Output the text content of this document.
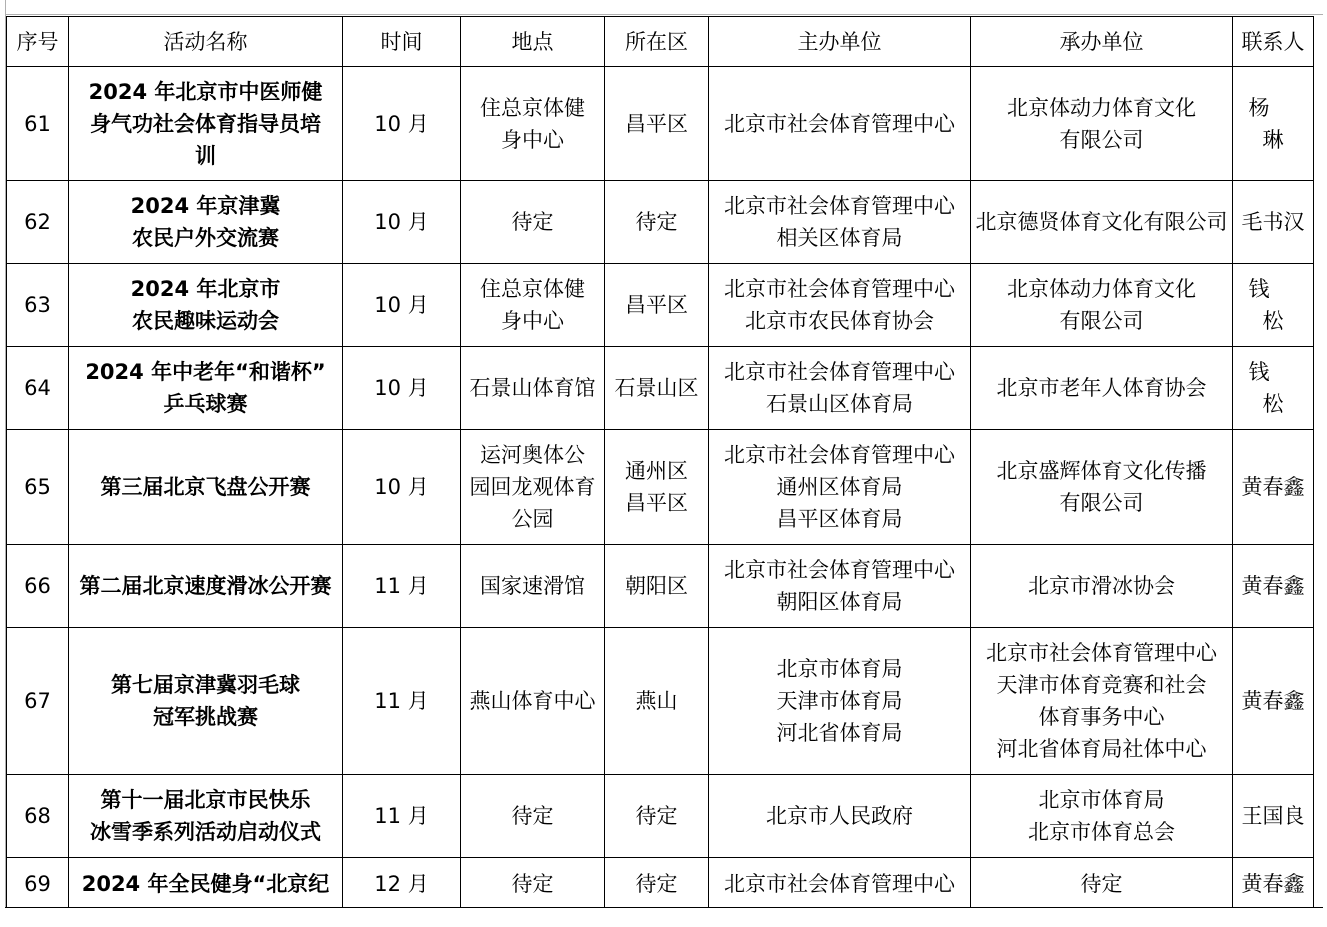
序号	活动名称	时间	地点	所在区	主办单位	承办单位	联系人
61	2024 年北京市中医师健
身气功社会体育指导员培
训	10 月	住总京体健
身中心	昌平区	北京市社会体育管理中心	北京体动力体育文化
有限公司	杨琳
62	2024 年京津冀
农民户外交流赛	10 月	待定	待定	北京市社会体育管理中心
相关区体育局	北京德贤体育文化有限公司	毛书汉
63	2024 年北京市
农民趣味运动会	10 月	住总京体健
身中心	昌平区	北京市社会体育管理中心
北京市农民体育协会	北京体动力体育文化
有限公司	钱松
64	2024 年中老年“和谐杯”
乒乓球赛	10 月	石景山体育馆	石景山区	北京市社会体育管理中心
石景山区体育局	北京市老年人体育协会	钱松
65	第三届北京飞盘公开赛	10 月	运河奥体公
园回龙观体育
公园	通州区
昌平区	北京市社会体育管理中心
通州区体育局
昌平区体育局	北京盛辉体育文化传播
有限公司	黄春鑫
66	第二届北京速度滑冰公开赛	11 月	国家速滑馆	朝阳区	北京市社会体育管理中心
朝阳区体育局	北京市滑冰协会	黄春鑫
67	第七届京津冀羽毛球
冠军挑战赛	11 月	燕山体育中心	燕山	北京市体育局
天津市体育局
河北省体育局	北京市社会体育管理中心
天津市体育竞赛和社会
体育事务中心
河北省体育局社体中心	黄春鑫
68	第十一届北京市民快乐
冰雪季系列活动启动仪式	11 月	待定	待定	北京市人民政府	北京市体育局
北京市体育总会	王国良
69	2024 年全民健身“北京纪	12 月	待定	待定	北京市社会体育管理中心	待定	黄春鑫
